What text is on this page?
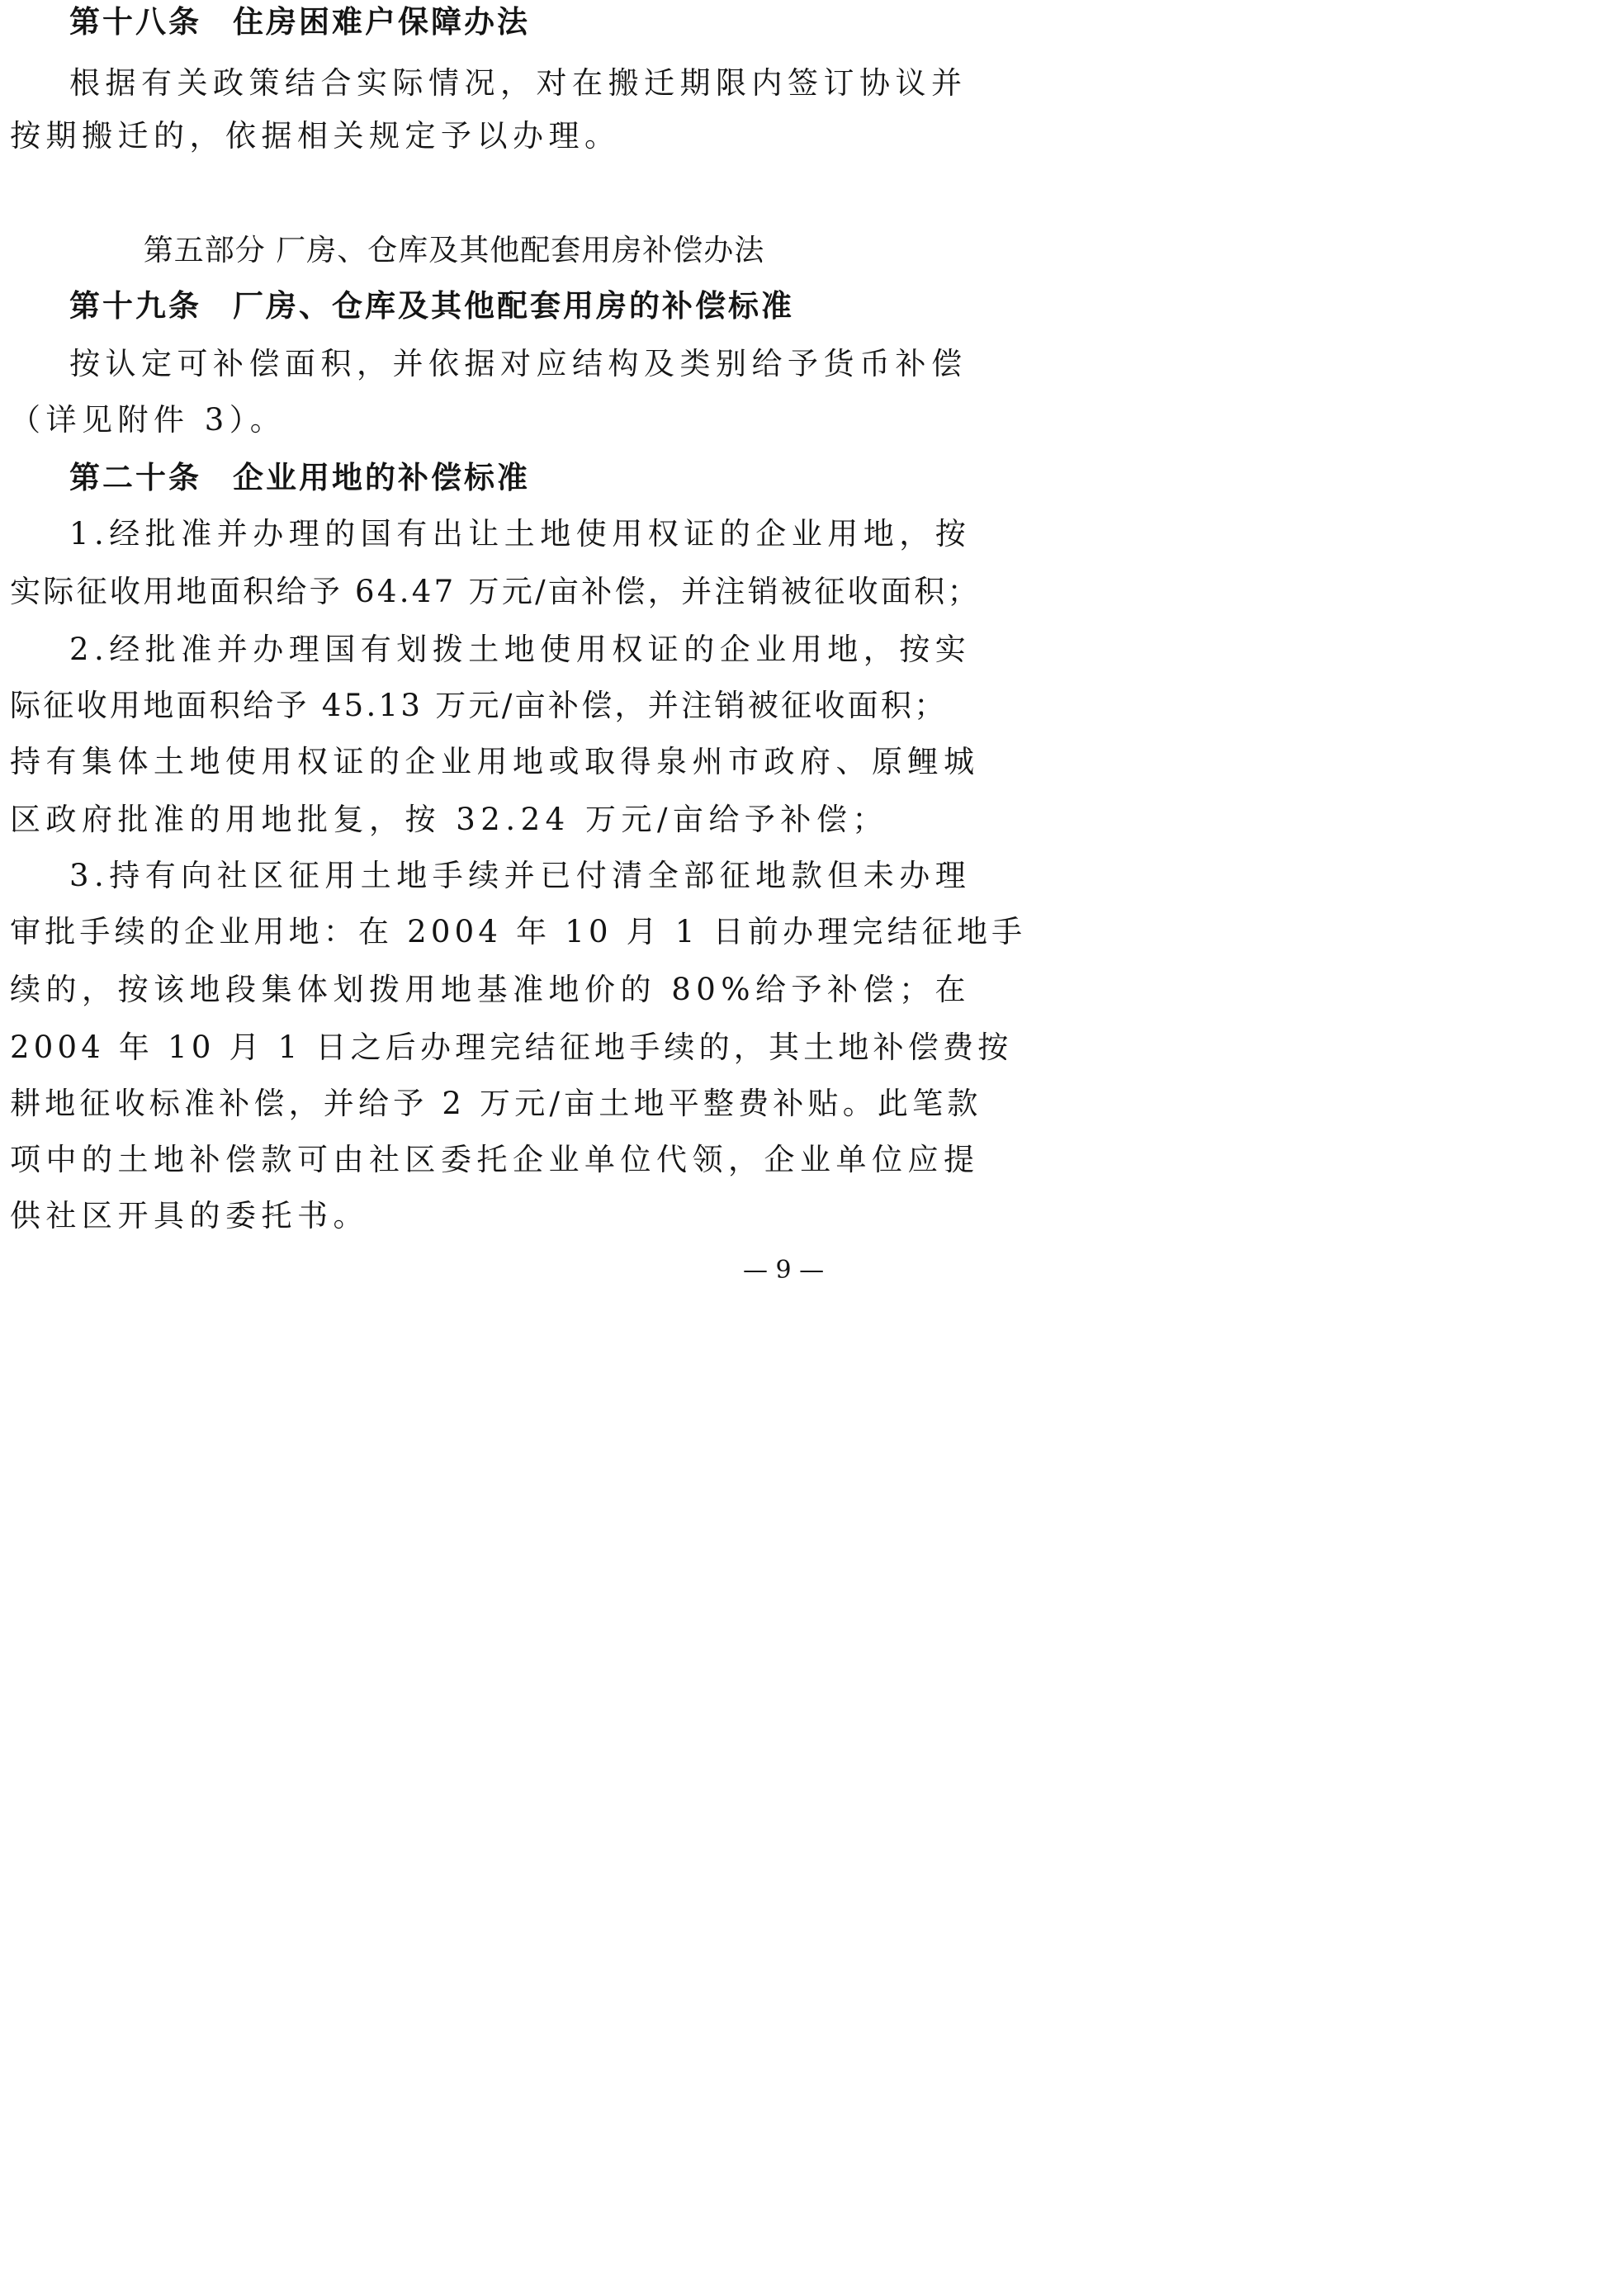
第十八条 住房困难户保障办法
根据有关政策结合实际情况，对在搬迁期限内签订协议并
按期搬迁的，依据相关规定予以办理。
第五部分 厂房、仓库及其他配套用房补偿办法
第十九条 厂房、仓库及其他配套用房的补偿标准
按认定可补偿面积，并依据对应结构及类别给予货币补偿
（详见附件 3）。
第二十条 企业用地的补偿标准
1.经批准并办理的国有出让土地使用权证的企业用地，按
实际征收用地面积给予 64.47 万元/亩补偿，并注销被征收面积；
2.经批准并办理国有划拨土地使用权证的企业用地，按实
际征收用地面积给予 45.13 万元/亩补偿，并注销被征收面积；
持有集体土地使用权证的企业用地或取得泉州市政府、原鲤城
区政府批准的用地批复，按 32.24 万元/亩给予补偿；
3.持有向社区征用土地手续并已付清全部征地款但未办理
审批手续的企业用地：在 2004 年 10 月 1 日前办理完结征地手
续的，按该地段集体划拨用地基准地价的 80%给予补偿；在
2004 年 10 月 1 日之后办理完结征地手续的，其土地补偿费按
耕地征收标准补偿，并给予 2 万元/亩土地平整费补贴。此笔款
项中的土地补偿款可由社区委托企业单位代领，企业单位应提
供社区开具的委托书。
— 9 —
